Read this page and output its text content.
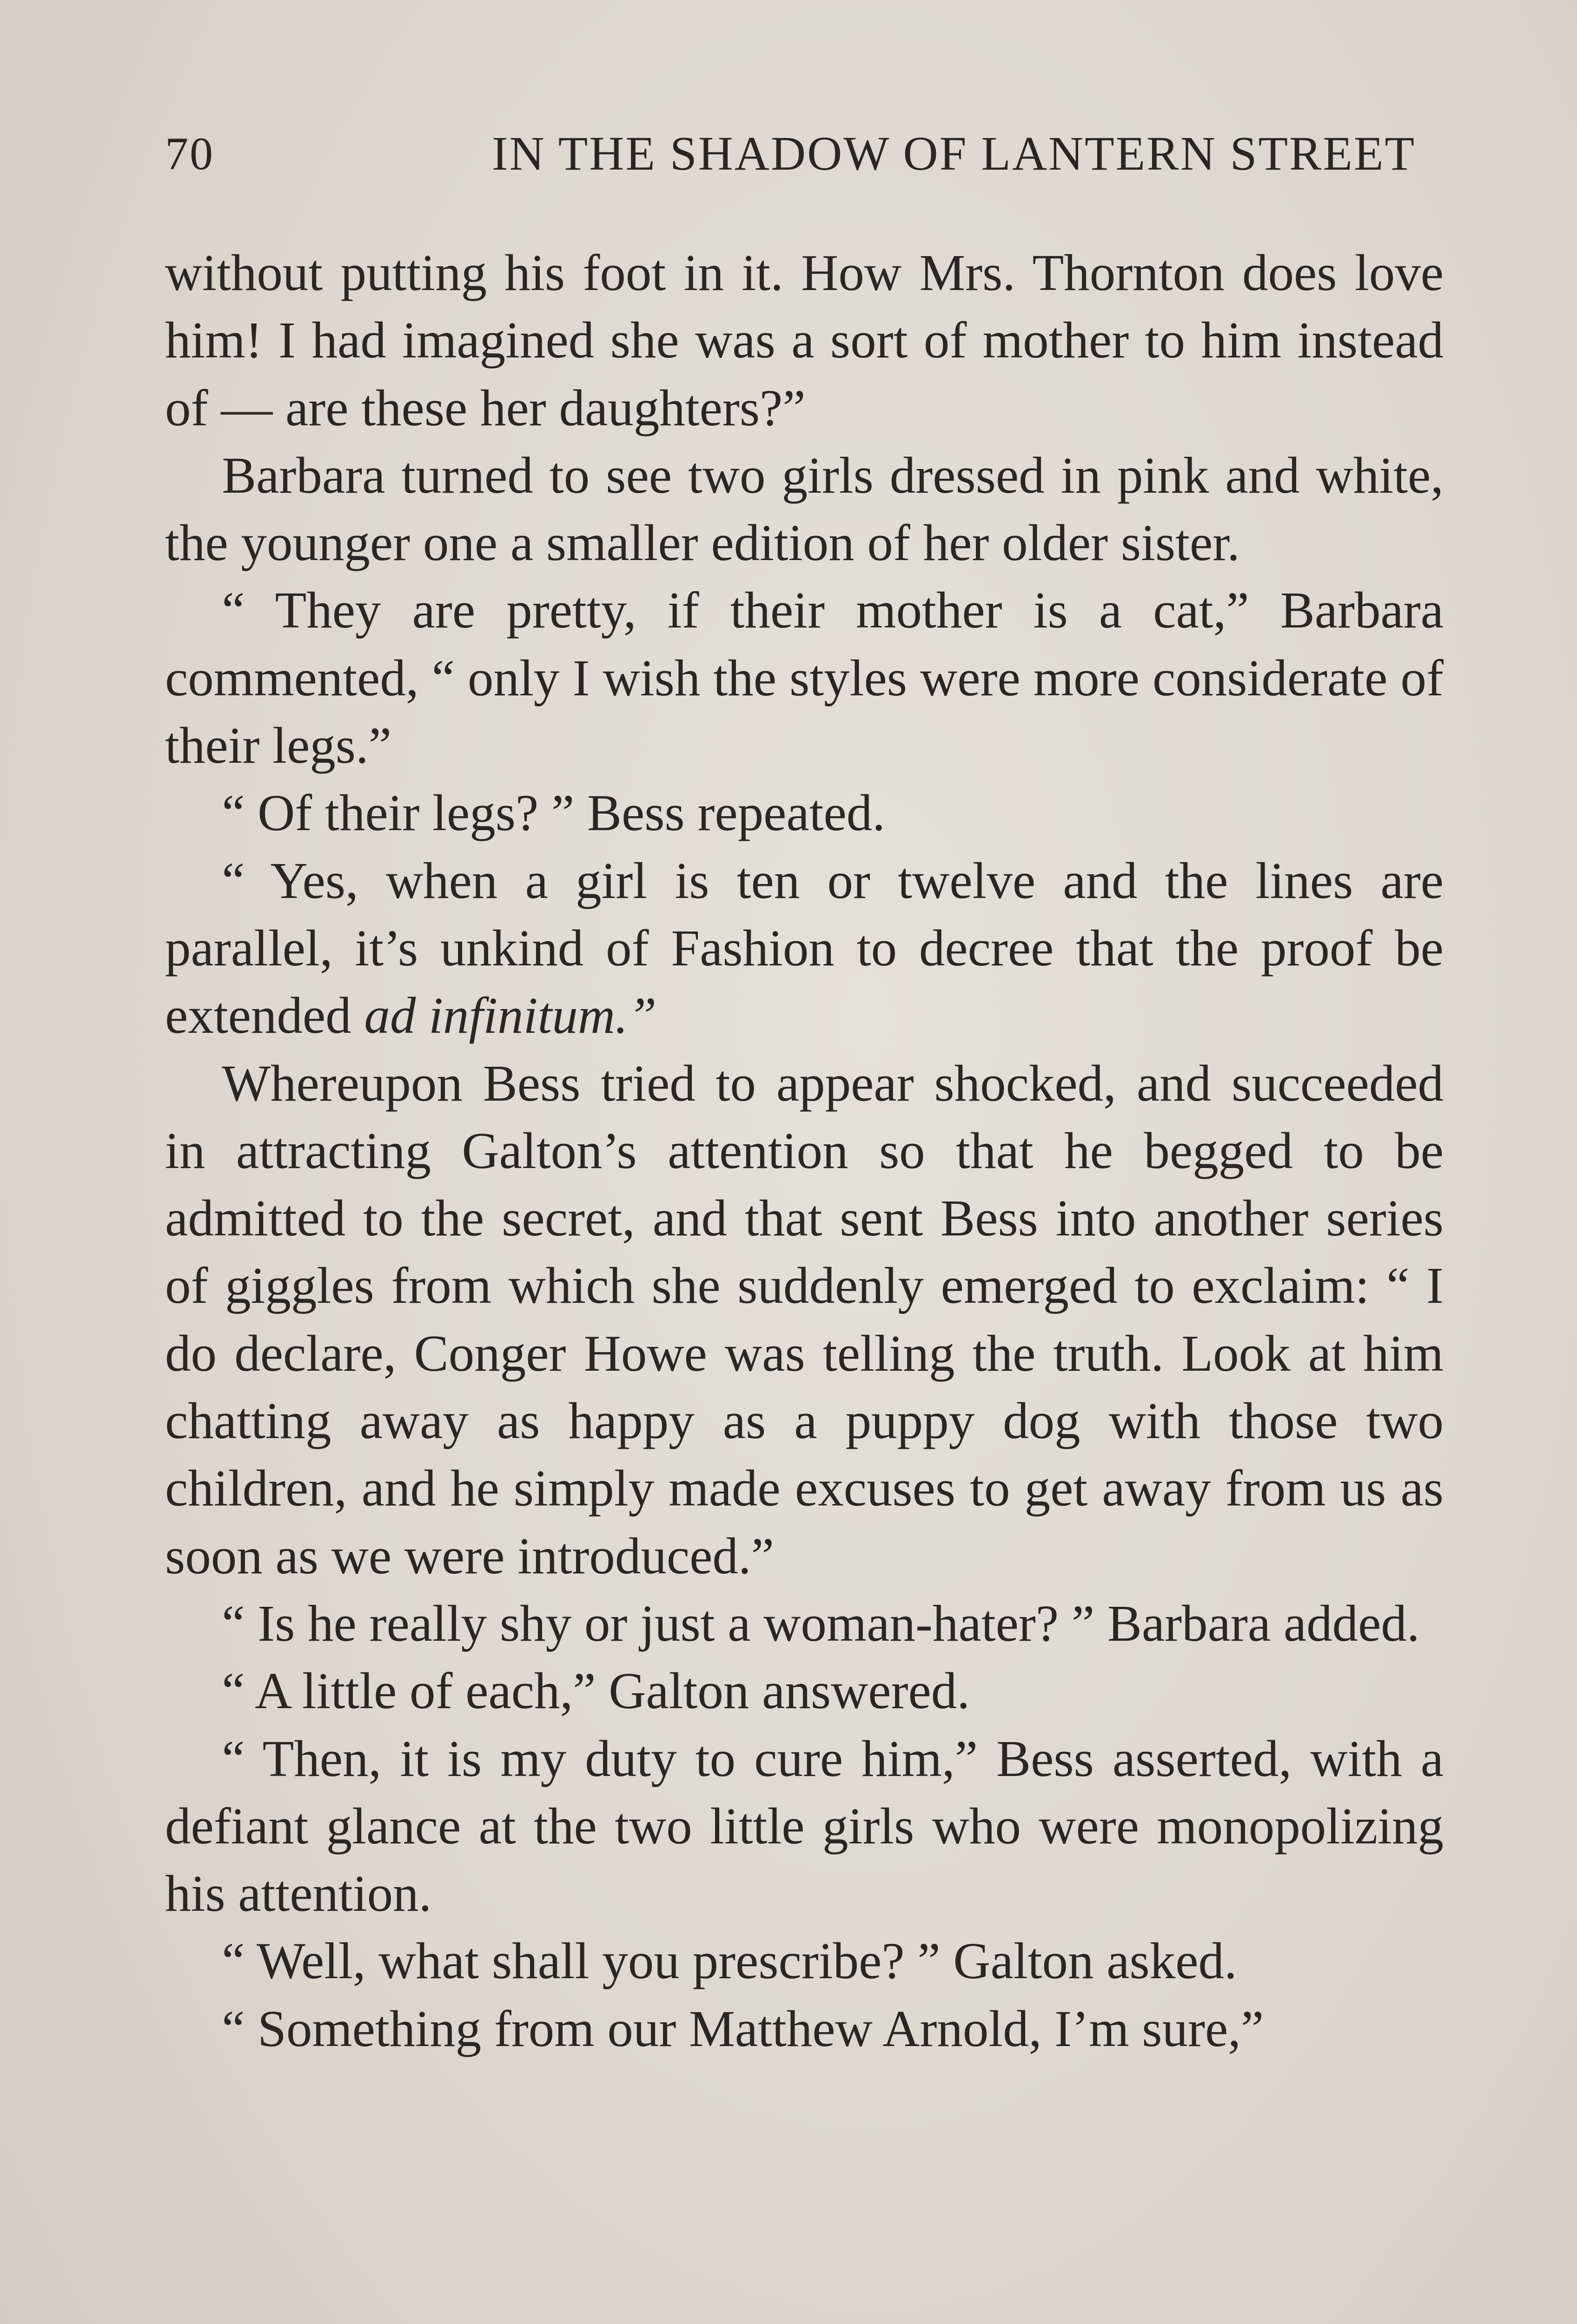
70	IN THE SHADOW OF LANTERN STREET

without putting his foot in it. How Mrs. Thornton does love him! I had imagined she was a sort of mother to him instead of — are these her daughters?”

Barbara turned to see two girls dressed in pink and white, the younger one a smaller edition of her older sister.

“ They are pretty, if their mother is a cat,” Barbara commented, “ only I wish the styles were more considerate of their legs.”

“ Of their legs? ” Bess repeated.

“ Yes, when a girl is ten or twelve and the lines are parallel, it’s unkind of Fashion to decree that the proof be extended ad infinitum.”

Whereupon Bess tried to appear shocked, and succeeded in attracting Galton’s attention so that he begged to be admitted to the secret, and that sent Bess into another series of giggles from which she suddenly emerged to exclaim: “ I do declare, Conger Howe was telling the truth. Look at him chatting away as happy as a puppy dog with those two children, and he simply made excuses to get away from us as soon as we were introduced.”

“ Is he really shy or just a woman-hater? ” Barbara added.

“ A little of each,” Galton answered.

“ Then, it is my duty to cure him,” Bess asserted, with a defiant glance at the two little girls who were monopolizing his attention.

“ Well, what shall you prescribe? ” Galton asked.

“ Something from our Matthew Arnold, I’m sure,”
